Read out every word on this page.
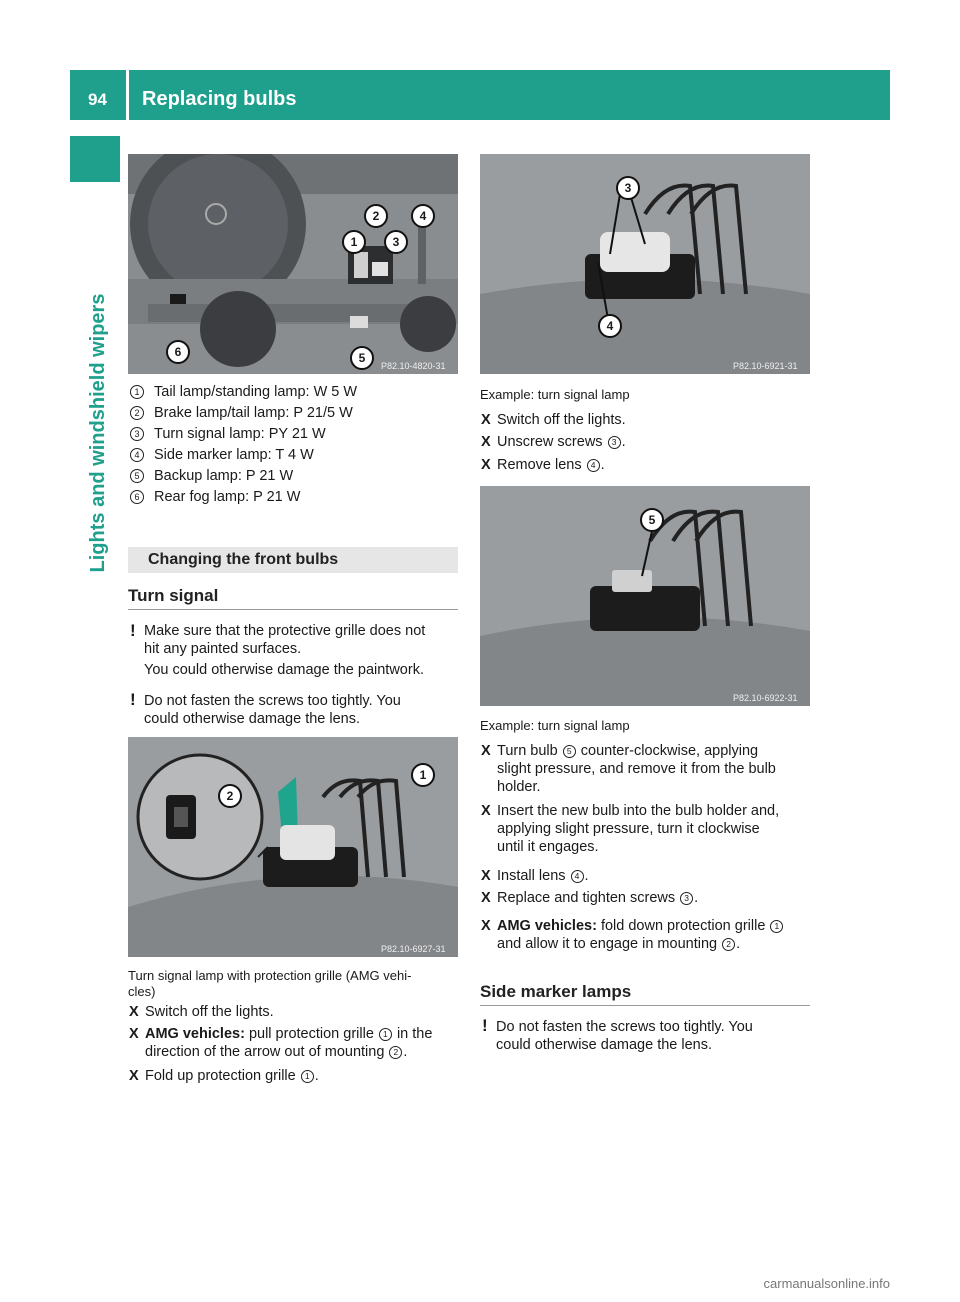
94 Replacing bulbs
Lights and windshield wipers	P82.10-4820-31
1
2
3
4
5
6
1 Tail lamp/standing lamp: W 5 W
2 Brake lamp/tail lamp: P 21/5 W
3 Turn signal lamp: PY 21 W
4 Side marker lamp: T 4 W
5 Backup lamp: P 21 W
6 Rear fog lamp: P 21 W
Changing the front bulbs
Turn signal
! Make sure that the protective grille does not
hit any painted surfaces.
You could otherwise damage the paintwork.
! Do not fasten the screws too tightly. You
could otherwise damage the lens.
P82.10-6927-31
1
2
Turn signal lamp with protection grille (AMG vehi-
cles)
X Switch off the lights.
X AMG vehicles: pull protection grille 1 in the
direction of the arrow out of mounting 2 .
X Fold up protection grille 1 .
P82.10-6921-31
3
4
Example: turn signal lamp
X Switch off the lights.
X Unscrew screws 3 .
X Remove lens 4 .
P82.10-6922-31
5
Example: turn signal lamp
X Turn bulb 5 counter-clockwise, applying
slight pressure, and remove it from the bulb
holder.
X Insert the new bulb into the bulb holder and,
applying slight pressure, turn it clockwise
until it engages.
X Install lens 4 .
X Replace and tighten screws 3 .
X AMG vehicles: fold down protection grille 1
and allow it to engage in mounting 2 .
Side marker lamps
! Do not fasten the screws too tightly. You
could otherwise damage the lens.
carmanualsonline.info
